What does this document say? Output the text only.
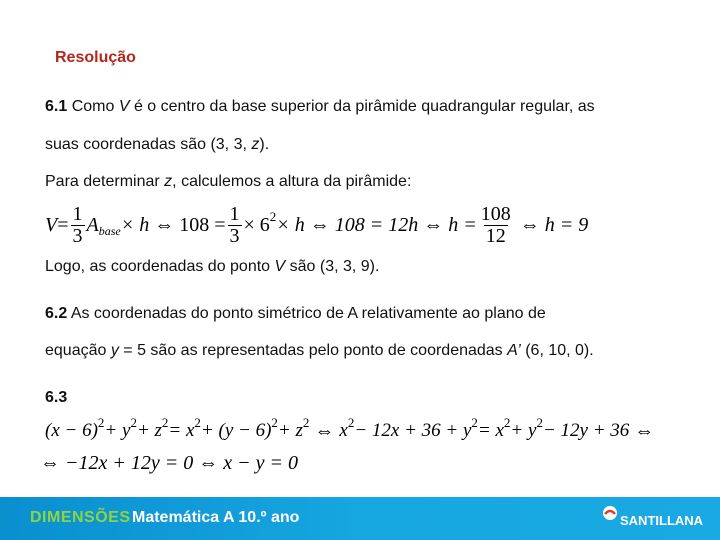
Resolução
6.1 Como V é o centro da base superior da pirâmide quadrangular regular, as
suas coordenadas são (3, 3, z).
Para determinar z, calculemos a altura da pirâmide:
$V = \frac{1}{3}$ A base × h ⇔ $108 = \frac{1}{3} \times 6$ 2 × h ⇔ 108 = 12h ⇔ $h = \frac{108}{12}$ ⇔ h = 9
Logo, as coordenadas do ponto V são (3, 3, 9).
6.2 As coordenadas do ponto simétrico de A relativamente ao plano de
equação y = 5 são as representadas pelo ponto de coordenadas A’ (6, 10, 0).
6.3
(x − 6) 2 + y 2 + z 2 = x 2 + (y − 6) 2 + z 2 ⇔ x 2 − 12x + 36 + y 2 = x 2 + y 2 − 12y + 36 ⇔
⇔ −12x + 12y = 0 ⇔ x − y = 0
DIMENSÕES Matemática A 10.º ano	SANTILLANA
